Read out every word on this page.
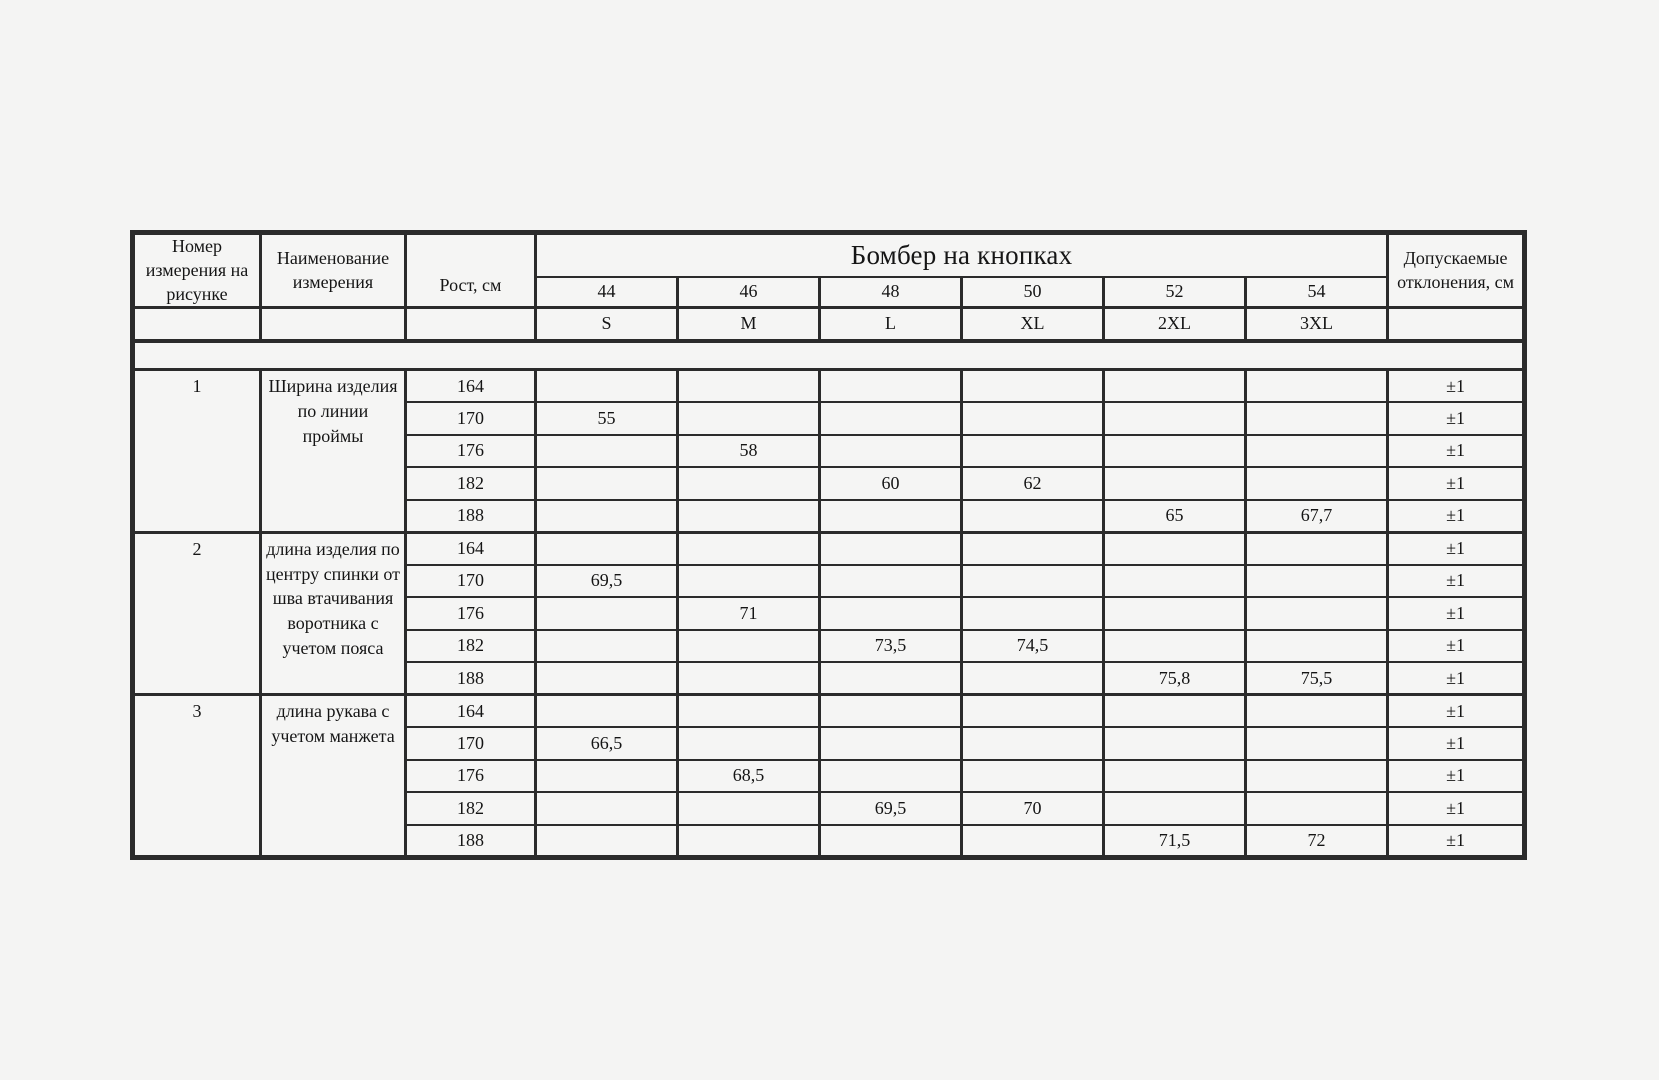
Номер измерения на рисунке	Наименование измерения	Рост, см	Бомбер на кнопках						Допускаемые отклонения, см
			44	46	48	50	52	54	
			S	M	L	XL	2XL	3XL	

1	Ширина изделия по линии проймы	164							±1
		170	55						±1
		176		58					±1
		182			60	62			±1
		188					65	67,7	±1
2	длина изделия по центру спинки от шва втачивания воротника с учетом пояса	164							±1
		170	69,5						±1
		176		71					±1
		182			73,5	74,5			±1
		188					75,8	75,5	±1
3	длина рукава с учетом манжета	164							±1
		170	66,5						±1
		176		68,5					±1
		182			69,5	70			±1
		188					71,5	72	±1
